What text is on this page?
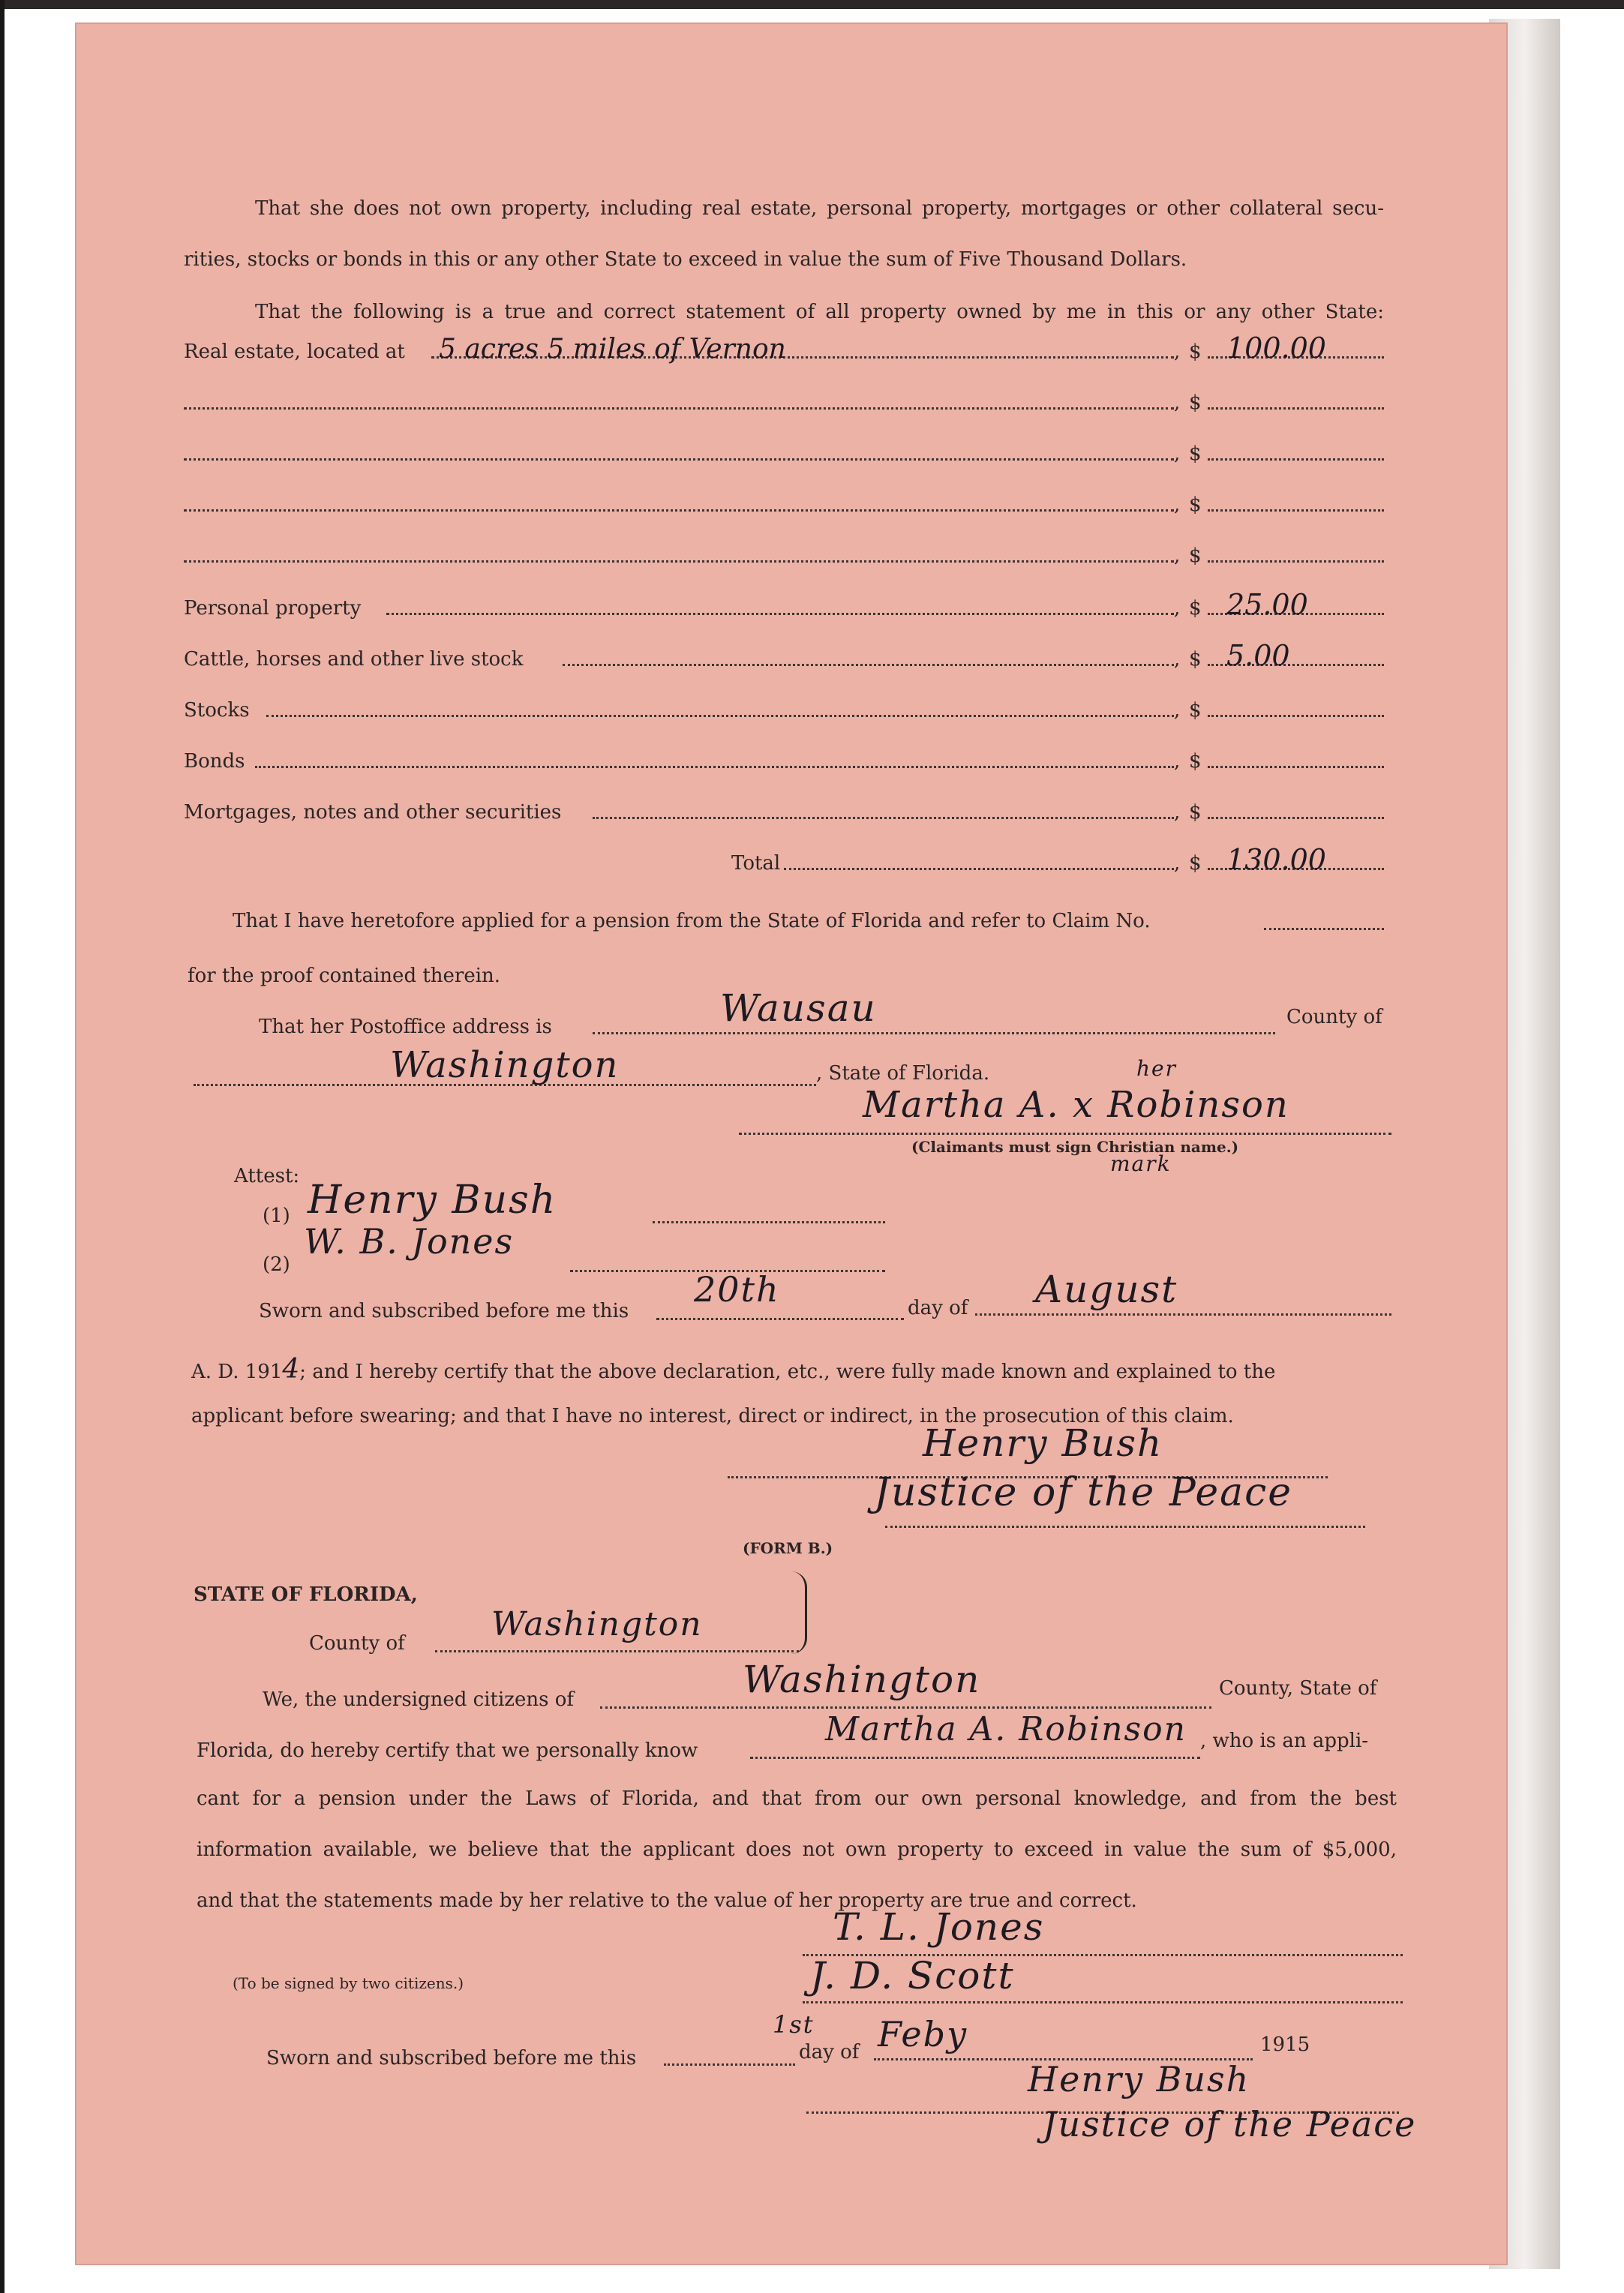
That she does not own property, including real estate, personal property, mortgages or other collateral secu-
rities, stocks or bonds in this or any other State to exceed in value the sum of Five Thousand Dollars.
That the following is a true and correct statement of all property owned by me in this or any other State:
Real estate, located at 5 acres 5 miles of Vernon	, $ 100.00
, $
, $
, $
, $
Personal property	, $ 25.00
Cattle, horses and other live stock	, $ 5.00
Stocks	, $
Bonds	, $
Mortgages, notes and other securities	, $
Total	, $ 130.00
That I have heretofore applied for a pension from the State of Florida and refer to Claim No.
for the proof contained therein.
That her Postoffice address is	Wausau	County of
Washington	, State of Florida.	her
Martha A. x Robinson
(Claimants must sign Christian name.)
mark
Attest:
(1) Henry Bush
(2)
W. B. Jones
Sworn and subscribed before me this
20th	day of August
A. D. 1914; and I hereby certify that the above declaration, etc., were fully made known and explained to the
applicant before swearing; and that I have no interest, direct or indirect, in the prosecution of this claim.
Henry Bush
Justice of the Peace
(FORM B.)
STATE OF FLORIDA,
County of	Washington
We, the undersigned citizens of	Washington	County, State of
Florida, do hereby certify that we personally know
Martha A. Robinson , who is an appli-
cant for a pension under the Laws of Florida, and that from our own personal knowledge, and from the best
information available, we believe that the applicant does not own property to exceed in value the sum of $5,000,
and that the statements made by her relative to the value of her property are true and correct.
T. L. Jones
(To be signed by two citizens.)	J. D. Scott
Sworn and subscribed before me this
1st
day of Feby	1915
Henry Bush
Justice of the Peace
